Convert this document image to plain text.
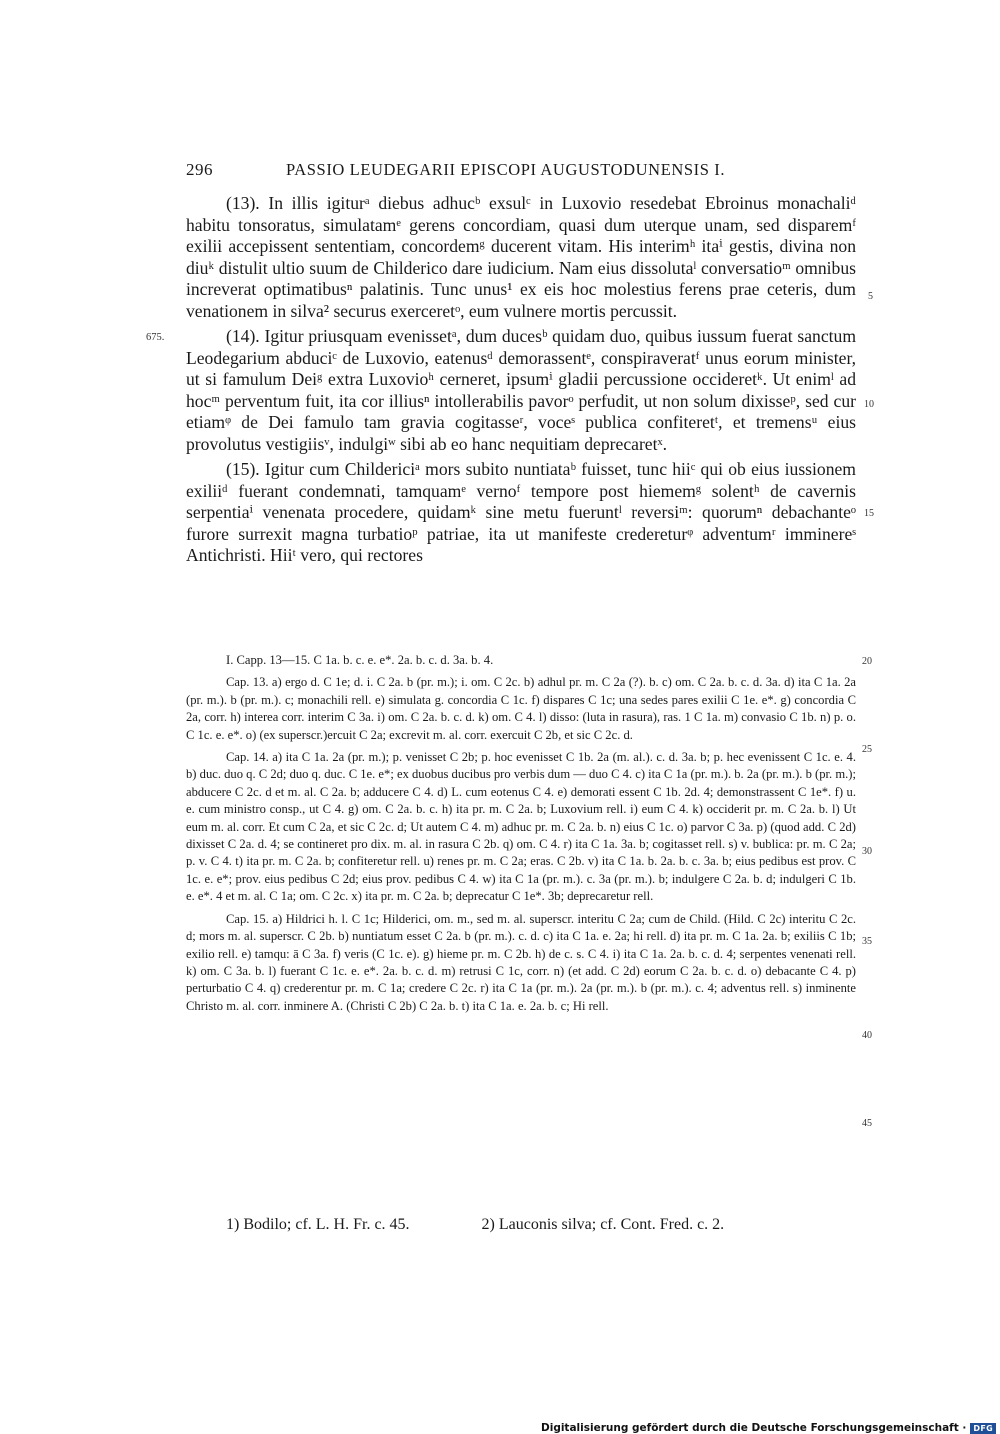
296	PASSIO LEUDEGARII EPISCOPI AUGUSTODUNENSIS I.

(13). In illis igiturᵃ diebus adhucᵇ exsulᶜ in Luxovio resedebat Ebroinus monachaliᵈ habitu tonsoratus, simulatamᵉ gerens concordiam, quasi dum uterque unam, sed disparemᶠ exilii accepissent sententiam, concordemᵍ ducerent vitam. His interimʰ itaⁱ gestis, divina non diuᵏ distulit ultio suum de Childerico dare iudicium. Nam eius dissolutaˡ conversatioᵐ omnibus increverat optimatibusⁿ palatinis. Tunc unus¹ ex eis hoc molestius ferens prae ceteris, dum venationem in silva² securus exerceretᵒ, eum vulnere mortis percussit.

(14). Igitur priusquam evenissetᵃ, dum ducesᵇ quidam duo, quibus iussum fuerat sanctum Leodegarium abduciᶜ de Luxovio, eatenusᵈ demorassentᵉ, conspiraveratᶠ unus eorum minister, ut si famulum Deiᵍ extra Luxovioʰ cerneret, ipsumⁱ gladii percussione occideretᵏ. Ut enimˡ ad hocᵐ perventum fuit, ita cor illiusⁿ intollerabilis pavorᵒ perfudit, ut non solum dixisseᵖ, sed cur etiamᵠ de Dei famulo tam gravia cogitasseʳ, voceˢ publica confiteretᵗ, et tremensᵘ eius provolutus vestigiisᵛ, indulgiʷ sibi ab eo hanc nequitiam deprecaretˣ.

(15). Igitur cum Childericiᵃ mors subito nuntiataᵇ fuisset, tunc hiiᶜ qui ob eius iussionem exiliiᵈ fuerant condemnati, tamquamᵉ vernoᶠ tempore post hiememᵍ solentʰ de cavernis serpentiaⁱ venenata procedere, quidamᵏ sine metu fueruntˡ reversiᵐ: quorumⁿ debachanteᵒ furore surrexit magna turbatioᵖ patriae, ita ut manifeste credereturᵠ adventumʳ imminereˢ Antichristi. Hiiᵗ vero, qui rectores

5
10
15
675.

I. Capp. 13—15. C 1a. b. c. e. e*. 2a. b. c. d. 3a. b. 4.

Cap. 13. a) ergo d. C 1e; d. i. C 2a. b (pr. m.); i. om. C 2c. b) adhul pr. m. C 2a (?). b. c) om. C 2a. b. c. d. 3a. d) ita C 1a. 2a (pr. m.). b (pr. m.). c; monachili rell. e) simulata g. concordia C 1c. f) dispares C 1c; una sedes pares exilii C 1e. e*. g) concordia C 2a, corr. h) interea corr. interim C 3a. i) om. C 2a. b. c. d. k) om. C 4. l) disso: (luta in rasura), ras. 1 C 1a. m) convasio C 1b. n) p. o. C 1c. e. e*. o) (ex superscr.)ercuit C 2a; excrevit m. al. corr. exercuit C 2b, et sic C 2c. d.

Cap. 14. a) ita C 1a. 2a (pr. m.); p. venisset C 2b; p. hoc evenisset C 1b. 2a (m. al.). c. d. 3a. b; p. hec evenissent C 1c. e. 4. b) duc. duo q. C 2d; duo q. duc. C 1e. e*; ex duobus ducibus pro verbis dum — duo C 4. c) ita C 1a (pr. m.). b. 2a (pr. m.). b (pr. m.); abducere C 2c. d et m. al. C 2a. b; adducere C 4. d) L. cum eotenus C 4. e) demorati essent C 1b. 2d. 4; demonstrassent C 1e*. f) u. e. cum ministro consp., ut C 4. g) om. C 2a. b. c. h) ita pr. m. C 2a. b; Luxovium rell. i) eum C 4. k) occiderit pr. m. C 2a. b. l) Ut eum m. al. corr. Et cum C 2a, et sic C 2c. d; Ut autem C 4. m) adhuc pr. m. C 2a. b. n) eius C 1c. o) parvor C 3a. p) (quod add. C 2d) dixisset C 2a. d. 4; se contineret pro dix. m. al. in rasura C 2b. q) om. C 4. r) ita C 1a. 3a. b; cogitasset rell. s) v. bublica: pr. m. C 2a; p. v. C 4. t) ita pr. m. C 2a. b; confiteretur rell. u) renes pr. m. C 2a; eras. C 2b. v) ita C 1a. b. 2a. b. c. 3a. b; eius pedibus est prov. C 1c. e. e*; prov. eius pedibus C 2d; eius prov. pedibus C 4. w) ita C 1a (pr. m.). c. 3a (pr. m.). b; indulgere C 2a. b. d; indulgeri C 1b. e. e*. 4 et m. al. C 1a; om. C 2c. x) ita pr. m. C 2a. b; deprecatur C 1e*. 3b; deprecaretur rell.

Cap. 15. a) Hildrici h. l. C 1c; Hilderici, om. m., sed m. al. superscr. interitu C 2a; cum de Child. (Hild. C 2c) interitu C 2c. d; mors m. al. superscr. C 2b. b) nuntiatum esset C 2a. b (pr. m.). c. d. c) ita C 1a. e. 2a; hi rell. d) ita pr. m. C 1a. 2a. b; exiliis C 1b; exilio rell. e) tamqu: ā C 3a. f) veris (C 1c. e). g) hieme pr. m. C 2b. h) de c. s. C 4. i) ita C 1a. 2a. b. c. d. 4; serpentes venenati rell. k) om. C 3a. b. l) fuerant C 1c. e. e*. 2a. b. c. d. m) retrusi C 1c, corr. n) (et add. C 2d) eorum C 2a. b. c. d. o) debacante C 4. p) perturbatio C 4. q) crederentur pr. m. C 1a; credere C 2c. r) ita C 1a (pr. m.). 2a (pr. m.). b (pr. m.). c. 4; adventus rell. s) inminente Christo m. al. corr. inminere A. (Christi C 2b) C 2a. b. t) ita C 1a. e. 2a. b. c; Hi rell.

20
25
30
35
40
45
1) Bodilo; cf. L. H. Fr. c. 45.	2) Lauconis silva; cf. Cont. Fred. c. 2.
Digitalisierung gefördert durch die Deutsche Forschungsgemeinschaft · DFG
